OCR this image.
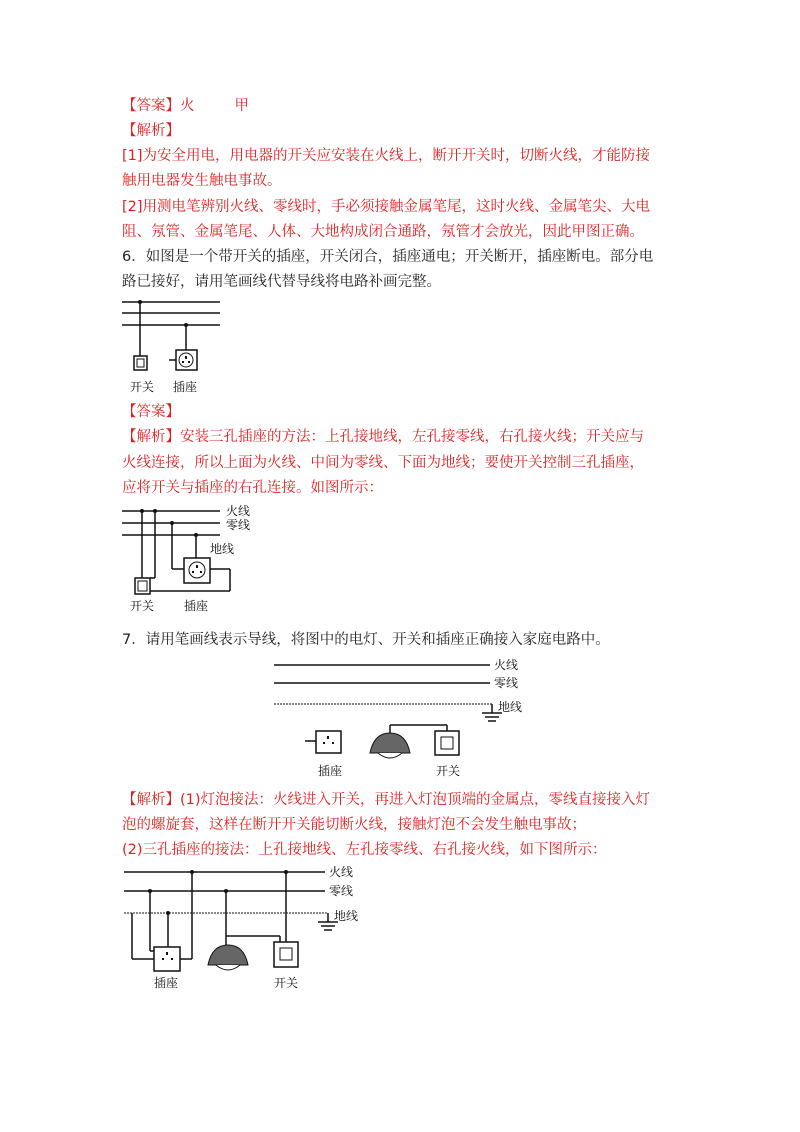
【答案】火	甲
【解析】
[1]为安全用电，用电器的开关应安装在火线上，断开开关时，切断火线，才能防接
触用电器发生触电事故。
[2]用测电笔辨别火线、零线时，手必须接触金属笔尾，这时火线、金属笔尖、大电
阻、氖管、金属笔尾、人体、大地构成闭合通路，氖管才会放光，因此甲图正确。
6．如图是一个带开关的插座，开关闭合，插座通电；开关断开，插座断电。部分电
路已接好，请用笔画线代替导线将电路补画完整。
开关 插座
【答案】
【解析】安装三孔插座的方法：上孔接地线，左孔接零线，右孔接火线；开关应与
火线连接，所以上面为火线、中间为零线、下面为地线；要使开关控制三孔插座，
应将开关与插座的右孔连接。如图所示：
火线
零线
地线
开关 插座
7．请用笔画线表示导线，将图中的电灯、开关和插座正确接入家庭电路中。
火线
零线
地线
插座	开关
【解析】(1)灯泡接法：火线进入开关，再进入灯泡顶端的金属点，零线直接接入灯
泡的螺旋套，这样在断开开关能切断火线，接触灯泡不会发生触电事故；
(2)三孔插座的接法：上孔接地线、左孔接零线、右孔接火线，如下图所示：
火线
零线
地线
插座	开关
